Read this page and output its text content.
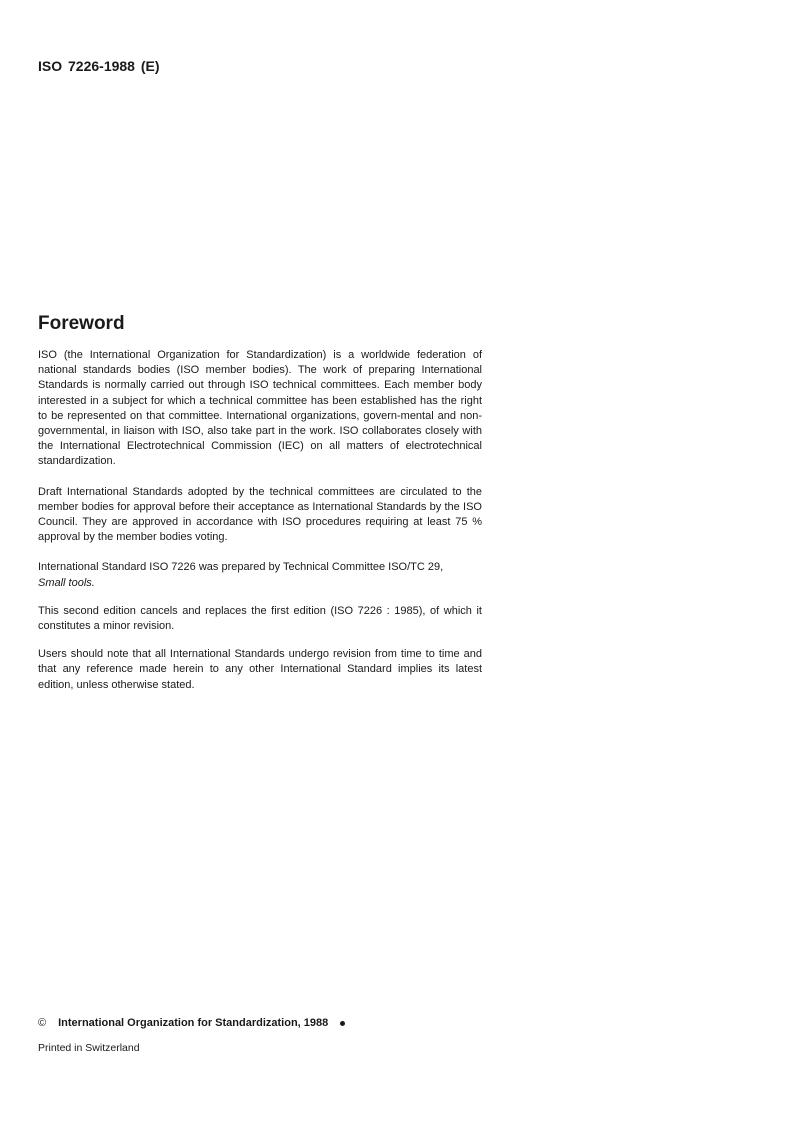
ISO 7226-1988 (E)
Foreword

ISO (the International Organization for Standardization) is a worldwide federation of national standards bodies (ISO member bodies). The work of preparing International Standards is normally carried out through ISO technical committees. Each member body interested in a subject for which a technical committee has been established has the right to be represented on that committee. International organizations, govern-mental and non-governmental, in liaison with ISO, also take part in the work. ISO collaborates closely with the International Electrotechnical Commission (IEC) on all matters of electrotechnical standardization.

Draft International Standards adopted by the technical committees are circulated to the member bodies for approval before their acceptance as International Standards by the ISO Council. They are approved in accordance with ISO procedures requiring at least 75 % approval by the member bodies voting.

International Standard ISO 7226 was prepared by Technical Committee ISO/TC 29,
Small tools.

This second edition cancels and replaces the first edition (ISO 7226 : 1985), of which it constitutes a minor revision.

Users should note that all International Standards undergo revision from time to time and that any reference made herein to any other International Standard implies its latest edition, unless otherwise stated.

© International Organization for Standardization, 1988
Printed in Switzerland
